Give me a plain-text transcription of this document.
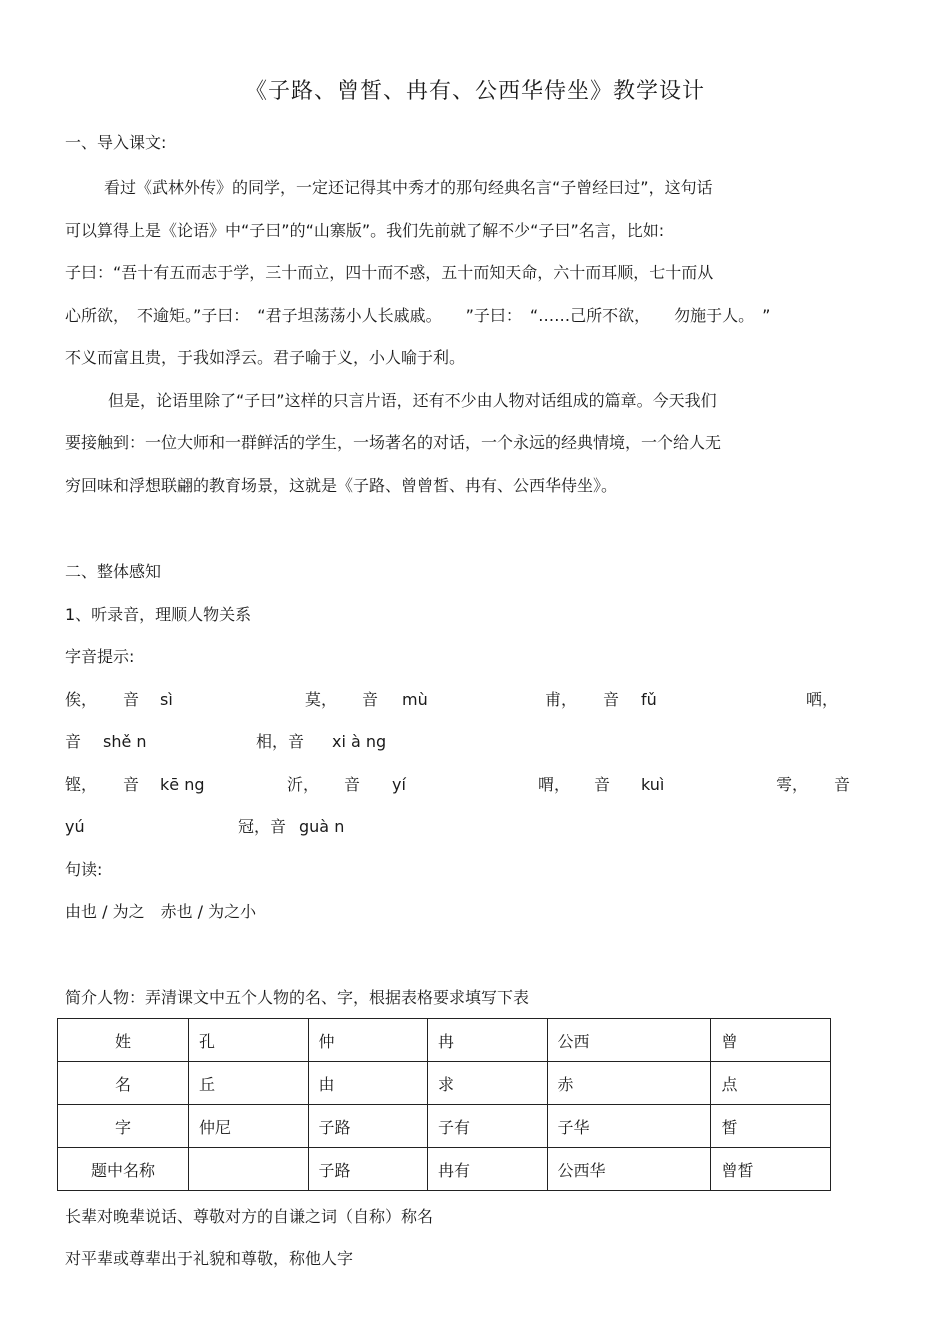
《子路、曾皙、冉有、公西华侍坐》教学设计
一、导入课文:
看过《武林外传》的同学，一定还记得其中秀才的那句经典名言“子曾经曰过”，这句话
可以算得上是《论语》中“子曰”的“山寨版”。我们先前就了解不少“子曰”名言，比如:
子曰：“吾十有五而志于学，三十而立，四十而不惑，五十而知天命，六十而耳顺，七十而从
心所欲，　不逾矩。”子曰：　“君子坦荡荡小人长戚戚。　　”子曰：　“……己所不欲，　　勿施于人。　”
不义而富且贵，于我如浮云。君子喻于义，小人喻于利。
但是，论语里除了“子曰”这样的只言片语，还有不少由人物对话组成的篇章。今天我们
要接触到：一位大师和一群鲜活的学生，一场著名的对话，一个永远的经典情境，一个给人无
穷回味和浮想联翩的教育场景，这就是《子路、曾曾皙、冉有、公西华侍坐》。
二、整体感知
1、听录音，理顺人物关系
字音提示:
俟， 音 sì	莫， 音 mù	甫， 音 fǔ	哂，
音 shě n	相，音 xi à ng
铿， 音 kē ng	沂， 音 yí	喟， 音 kuì	雩， 音
yú	冠，音 guà n
句读:
由也 / 为之　赤也 / 为之小
简介人物：弄清课文中五个人物的名、字，根据表格要求填写下表
姓	孔	仲	冉	公西	曾
名	丘	由	求	赤	点
字	仲尼	子路	子有	子华	皙
题中名称		子路	冉有	公西华	曾皙
长辈对晚辈说话、尊敬对方的自谦之词（自称）称名
对平辈或尊辈出于礼貌和尊敬，称他人字
